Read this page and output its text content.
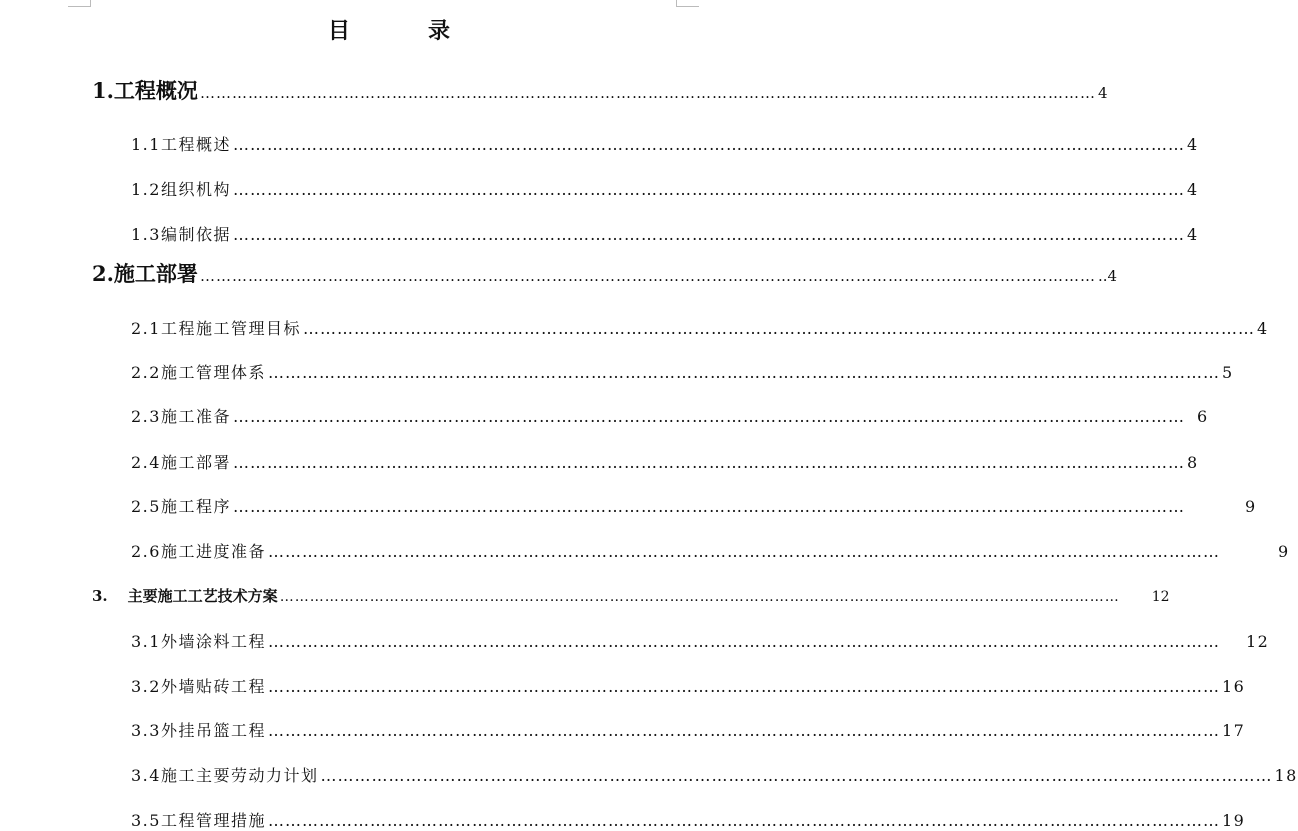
目　录
1.工程概况 …………………………………………………………………………………………………………………………………………………… 4
1.1工程概述 …………………………………………………………………………………………………………………………………………………… 4
1.2组织机构 …………………………………………………………………………………………………………………………………………………… 4
1.3编制依据 …………………………………………………………………………………………………………………………………………………… 4
2.施工部署 …………………………………………………………………………………………………………………………………………………… ..4
2.1工程施工管理目标 …………………………………………………………………………………………………………………………………………………… 4
2.2施工管理体系 …………………………………………………………………………………………………………………………………………………… 5
2.3施工准备 …………………………………………………………………………………………………………………………………………………… 6
2.4施工部署 …………………………………………………………………………………………………………………………………………………… 8
2.5施工程序 ……………………………………………………………………………………………………………………………………………………	9
2.6施工进度准备 ……………………………………………………………………………………………………………………………………………………	9
3. 主要施工工艺技术方案 …………………………………………………………………………………………………………………………………………………… 12
3.1外墙涂料工程 …………………………………………………………………………………………………………………………………………………… 12
3.2外墙贴砖工程 …………………………………………………………………………………………………………………………………………………… 16
3.3外挂吊篮工程 …………………………………………………………………………………………………………………………………………………… 17
3.4施工主要劳动力计划 …………………………………………………………………………………………………………………………………………………… 18
3.5工程管理措施 …………………………………………………………………………………………………………………………………………………… 19
